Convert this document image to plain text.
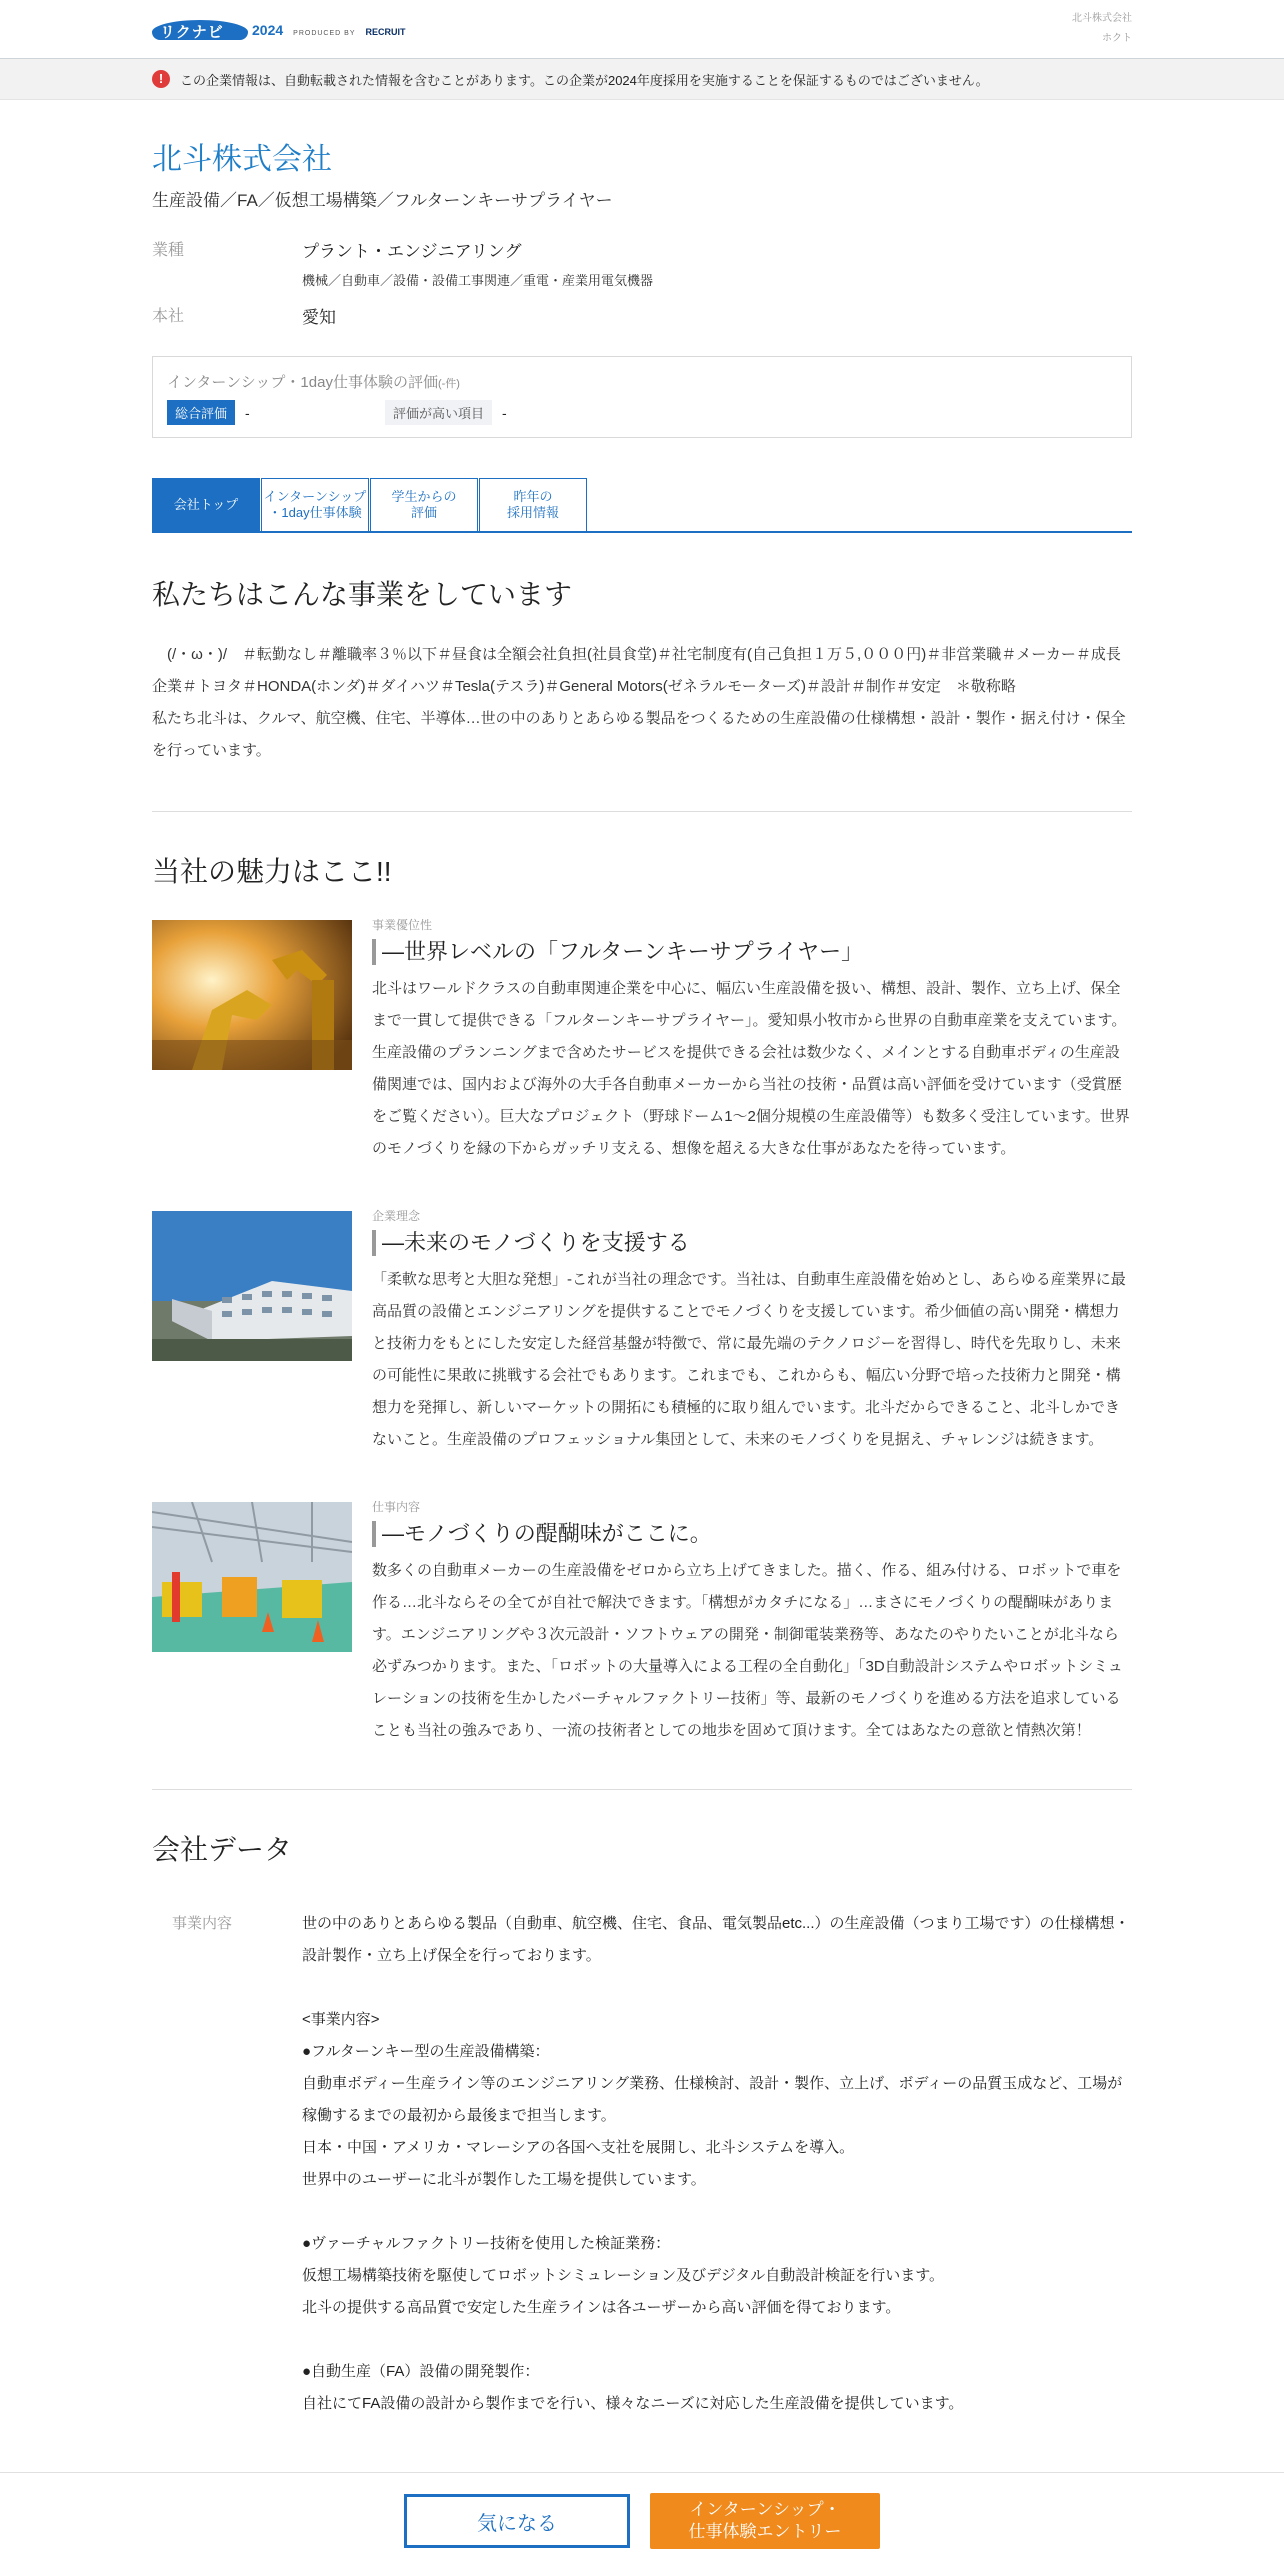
リクナビ 2024 PRODUCED BY RECRUIT
北斗株式会社
ホクト
!	この企業情報は、自動転載された情報を含むことがあります。この企業が2024年度採用を実施することを保証するものではございません。
北斗株式会社

生産設備／FA／仮想工場構築／フルターンキーサプライヤー

業種	プラント・エンジニアリング
機械／自動車／設備・設備工事関連／重電・産業用電気機器
本社	愛知
インターンシップ・1day仕事体験の評価(-件)
総合評価	-	評価が高い項目	-
会社トップ
インターンシップ
・1day仕事体験
学生からの
評価
昨年の
採用情報
私たちはこんな事業をしています

　(/・ω・)/　＃転勤なし＃離職率３％以下＃昼食は全額会社負担(社員食堂)＃社宅制度有(自己負担１万５,０００円)＃非営業職＃メーカー＃成長企業＃トヨタ＃HONDA(ホンダ)＃ダイハツ＃Tesla(テスラ)＃General Motors(ゼネラルモーターズ)＃設計＃制作＃安定　＊敬称略

私たち北斗は、クルマ、航空機、住宅、半導体…世の中のありとあらゆる製品をつくるための生産設備の仕様構想・設計・製作・据え付け・保全を行っています。

当社の魅力はここ!!
事業優位性
―世界レベルの「フルターンキーサプライヤー」
北斗はワールドクラスの自動車関連企業を中心に、幅広い生産設備を扱い、構想、設計、製作、立ち上げ、保全まで一貫して提供できる「フルターンキーサプライヤー」。愛知県小牧市から世界の自動車産業を支えています。生産設備のプランニングまで含めたサービスを提供できる会社は数少なく、メインとする自動車ボディの生産設備関連では、国内および海外の大手各自動車メーカーから当社の技術・品質は高い評価を受けています（受賞歴をご覧ください）。巨大なプロジェクト（野球ドーム1～2個分規模の生産設備等）も数多く受注しています。世界のモノづくりを縁の下からガッチリ支える、想像を超える大きな仕事があなたを待っています。
企業理念
―未来のモノづくりを支援する
「柔軟な思考と大胆な発想」-これが当社の理念です。当社は、自動車生産設備を始めとし、あらゆる産業界に最高品質の設備とエンジニアリングを提供することでモノづくりを支援しています。希少価値の高い開発・構想力と技術力をもとにした安定した経営基盤が特徴で、常に最先端のテクノロジーを習得し、時代を先取りし、未来の可能性に果敢に挑戦する会社でもあります。これまでも、これからも、幅広い分野で培った技術力と開発・構想力を発揮し、新しいマーケットの開拓にも積極的に取り組んでいます。北斗だからできること、北斗しかできないこと。生産設備のプロフェッショナル集団として、未来のモノづくりを見据え、チャレンジは続きます。
仕事内容
―モノづくりの醍醐味がここに。
数多くの自動車メーカーの生産設備をゼロから立ち上げてきました。描く、作る、組み付ける、ロボットで車を作る…北斗ならその全てが自社で解決できます。「構想がカタチになる」…まさにモノづくりの醍醐味があります。エンジニアリングや３次元設計・ソフトウェアの開発・制御電装業務等、あなたのやりたいことが北斗なら必ずみつかります。また、「ロボットの大量導入による工程の全自動化」「3D自動設計システムやロボットシミュレーションの技術を生かしたバーチャルファクトリー技術」等、最新のモノづくりを進める方法を追求していることも当社の強みであり、一流の技術者としての地歩を固めて頂けます。全てはあなたの意欲と情熱次第！
会社データ
事業内容	世の中のありとあらゆる製品（自動車、航空機、住宅、食品、電気製品etc...）の生産設備（つまり工場です）の仕様構想・設計製作・立ち上げ保全を行っております。

<事業内容>
●フルターンキー型の生産設備構築：
自動車ボディー生産ライン等のエンジニアリング業務、仕様検討、設計・製作、立上げ、ボディーの品質玉成など、工場が稼働するまでの最初から最後まで担当します。
日本・中国・アメリカ・マレーシアの各国へ支社を展開し、北斗システムを導入。
世界中のユーザーに北斗が製作した工場を提供しています。

●ヴァーチャルファクトリー技術を使用した検証業務：
仮想工場構築技術を駆使してロボットシミュレーション及びデジタル自動設計検証を行います。
北斗の提供する高品質で安定した生産ラインは各ユーザーから高い評価を得ております。

●自動生産（FA）設備の開発製作：
自社にてFA設備の設計から製作までを行い、様々なニーズに対応した生産設備を提供しています。
気になる
インターンシップ・
仕事体験エントリー
